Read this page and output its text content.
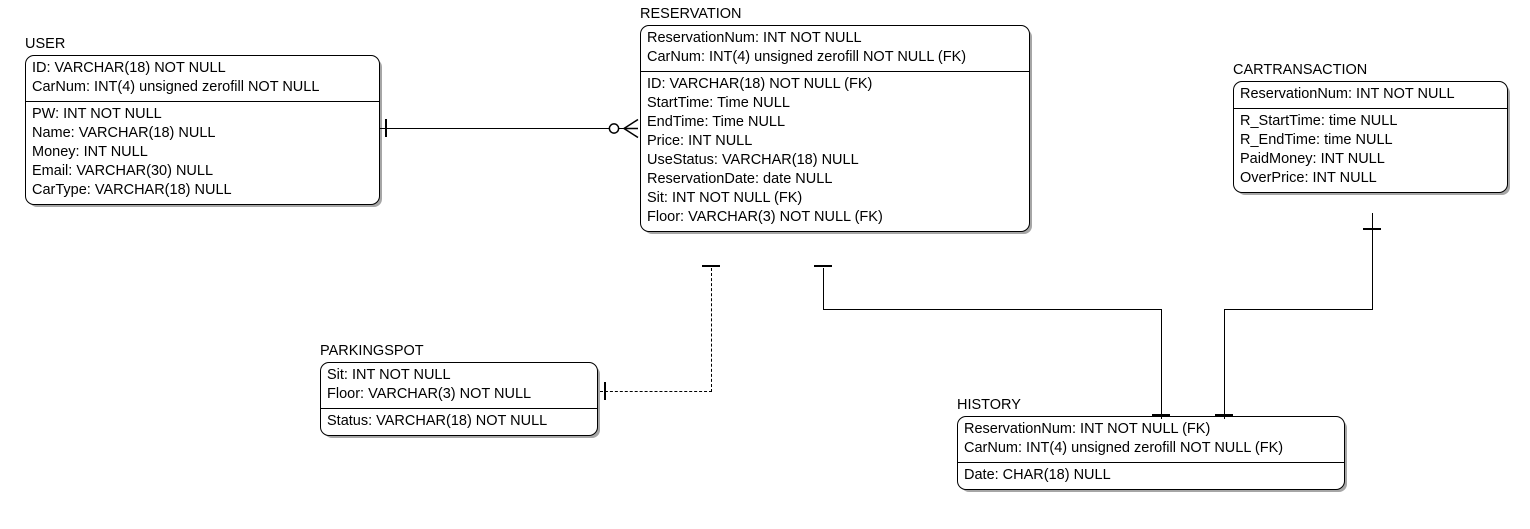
USER
ID: VARCHAR(18) NOT NULL
CarNum: INT(4) unsigned zerofill NOT NULL
PW: INT NOT NULL
Name: VARCHAR(18) NULL
Money: INT NULL
Email: VARCHAR(30) NULL
CarType: VARCHAR(18) NULL
RESERVATION
ReservationNum: INT NOT NULL
CarNum: INT(4) unsigned zerofill NOT NULL (FK)
ID: VARCHAR(18) NOT NULL (FK)
StartTime: Time NULL
EndTime: Time NULL
Price: INT NULL
UseStatus: VARCHAR(18) NULL
ReservationDate: date NULL
Sit: INT NOT NULL (FK)
Floor: VARCHAR(3) NOT NULL (FK)
CARTRANSACTION
ReservationNum: INT NOT NULL
R_StartTime: time NULL
R_EndTime: time NULL
PaidMoney: INT NULL
OverPrice: INT NULL
PARKINGSPOT
Sit: INT NOT NULL
Floor: VARCHAR(3) NOT NULL
Status: VARCHAR(18) NOT NULL
HISTORY
ReservationNum: INT NOT NULL (FK)
CarNum: INT(4) unsigned zerofill NOT NULL (FK)
Date: CHAR(18) NULL
